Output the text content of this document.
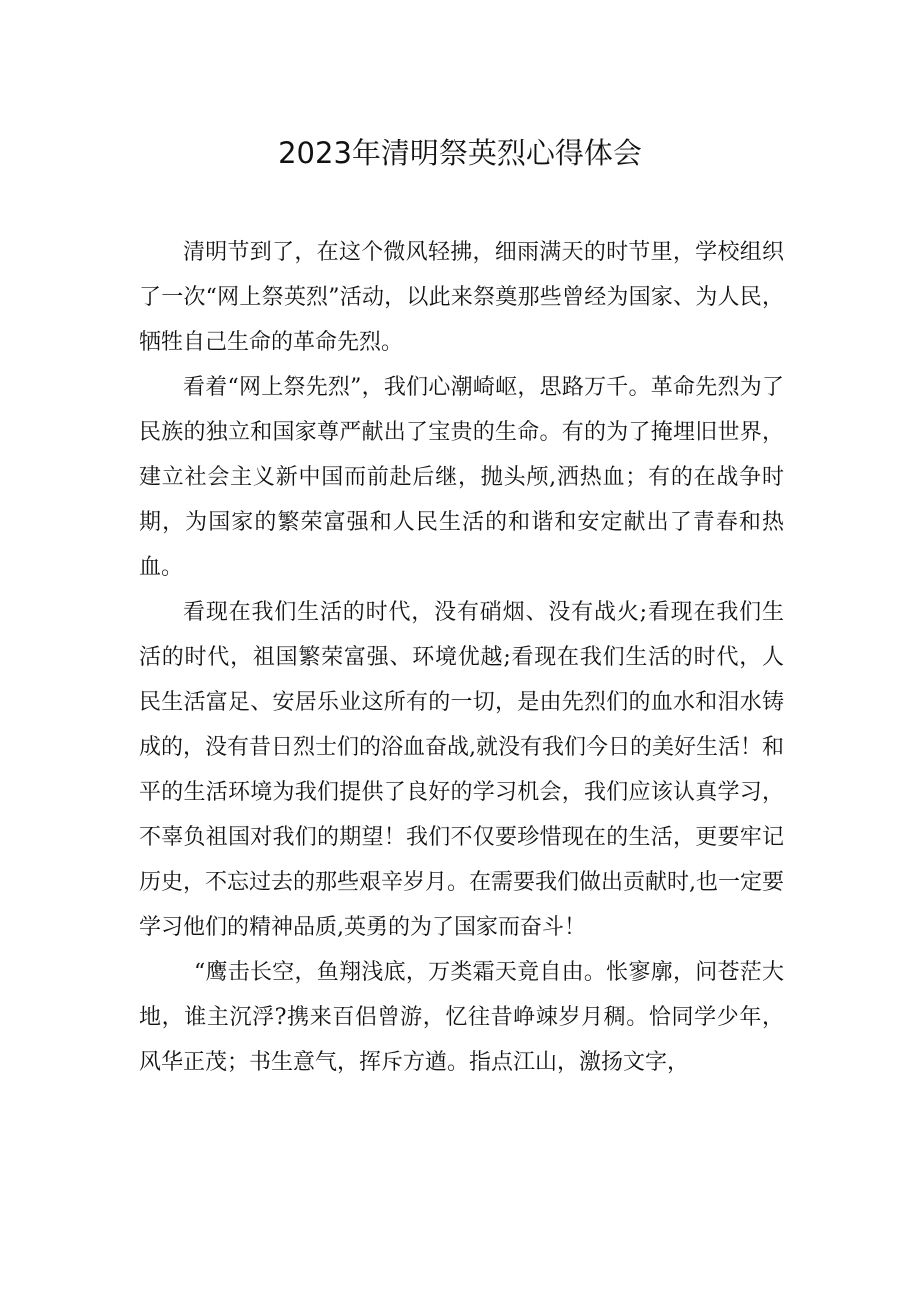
2023年清明祭英烈心得体会

清明节到了，在这个微风轻拂，细雨满天的时节里，学校组织了一次“网上祭英烈”活动，以此来祭奠那些曾经为国家、为人民，牺牲自己生命的革命先烈。

看着“网上祭先烈”，我们心潮崎岖，思路万千。革命先烈为了民族的独立和国家尊严献出了宝贵的生命。有的为了掩埋旧世界，建立社会主义新中国而前赴后继，抛头颅,洒热血；有的在战争时期，为国家的繁荣富强和人民生活的和谐和安定献出了青春和热血。

看现在我们生活的时代，没有硝烟、没有战火;看现在我们生活的时代，祖国繁荣富强、环境优越;看现在我们生活的时代，人民生活富足、安居乐业这所有的一切，是由先烈们的血水和泪水铸成的，没有昔日烈士们的浴血奋战,就没有我们今日的美好生活！和平的生活环境为我们提供了良好的学习机会，我们应该认真学习，不辜负祖国对我们的期望！我们不仅要珍惜现在的生活，更要牢记历史，不忘过去的那些艰辛岁月。在需要我们做出贡献时,也一定要学习他们的精神品质,英勇的为了国家而奋斗！

“鹰击长空，鱼翔浅底，万类霜天竟自由。怅寥廓，问苍茫大地，谁主沉浮?携来百侣曾游，忆往昔峥竦岁月稠。恰同学少年，风华正茂；书生意气，挥斥方遒。指点江山，激扬文字，
